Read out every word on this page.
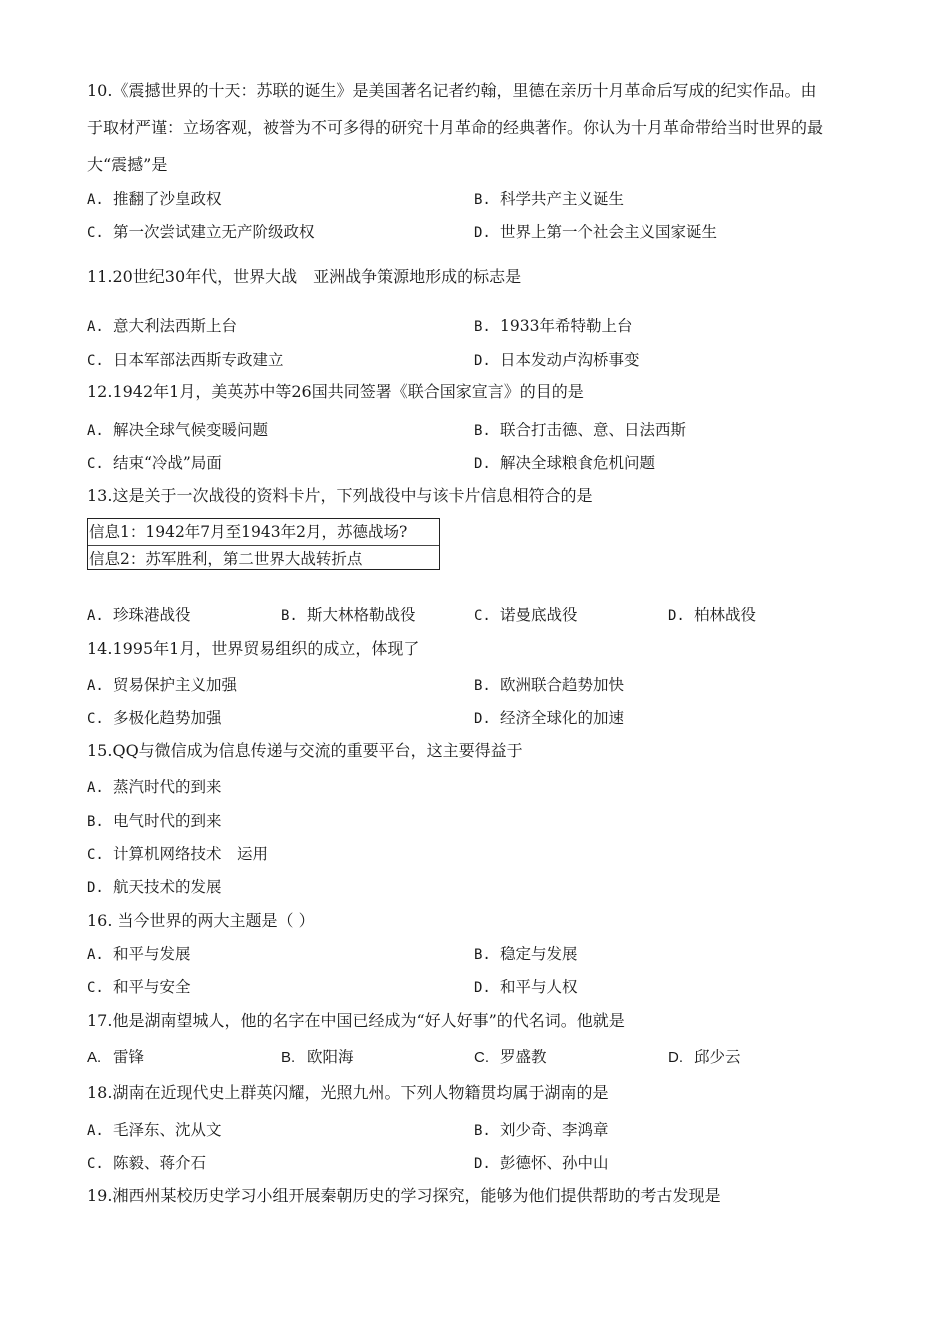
10.《震撼世界的十天：苏联的诞生》是美国著名记者约翰，里德在亲历十月革命后写成的纪实作品。由
于取材严谨：立场客观，被誉为不可多得的研究十月革命的经典著作。你认为十月革命带给当时世界的最
大“震撼”是
A. 推翻了沙皇政权	B. 科学共产主义诞生
C. 第一次尝试建立无产阶级政权	D. 世界上第一个社会主义国家诞生
11.20世纪30年代，世界大战　亚洲战争策源地形成的标志是
A. 意大利法西斯上台	B. 1933年希特勒上台
C. 日本军部法西斯专政建立	D. 日本发动卢沟桥事变
12.1942年1月，美英苏中等26国共同签署《联合国家宣言》的目的是
A. 解决全球气候变暖问题	B. 联合打击德、意、日法西斯
C. 结束“冷战”局面	D. 解决全球粮食危机问题
13.这是关于一次战役的资料卡片，下列战役中与该卡片信息相符合的是
信息1：1942年7月至1943年2月，苏德战场?
信息2：苏军胜利，第二世界大战转折点
A. 珍珠港战役	B. 斯大林格勒战役	C. 诺曼底战役	D. 柏林战役
14.1995年1月，世界贸易组织的成立，体现了
A. 贸易保护主义加强	B. 欧洲联合趋势加快
C. 多极化趋势加强	D. 经济全球化的加速
15.QQ与微信成为信息传递与交流的重要平台，这主要得益于
A. 蒸汽时代的到来
B. 电气时代的到来
C. 计算机网络技术　运用
D. 航天技术的发展
16. 当今世界的两大主题是（ ）
A. 和平与发展	B. 稳定与发展
C. 和平与安全	D. 和平与人权
17.他是湖南望城人，他的名字在中国已经成为“好人好事”的代名词。他就是
A. 雷锋	B. 欧阳海	C. 罗盛教	D. 邱少云
18.湖南在近现代史上群英闪耀，光照九州。下列人物籍贯均属于湖南的是
A. 毛泽东、沈从文	B. 刘少奇、李鸿章
C. 陈毅、蒋介石	D. 彭德怀、孙中山
19.湘西州某校历史学习小组开展秦朝历史的学习探究，能够为他们提供帮助的考古发现是
